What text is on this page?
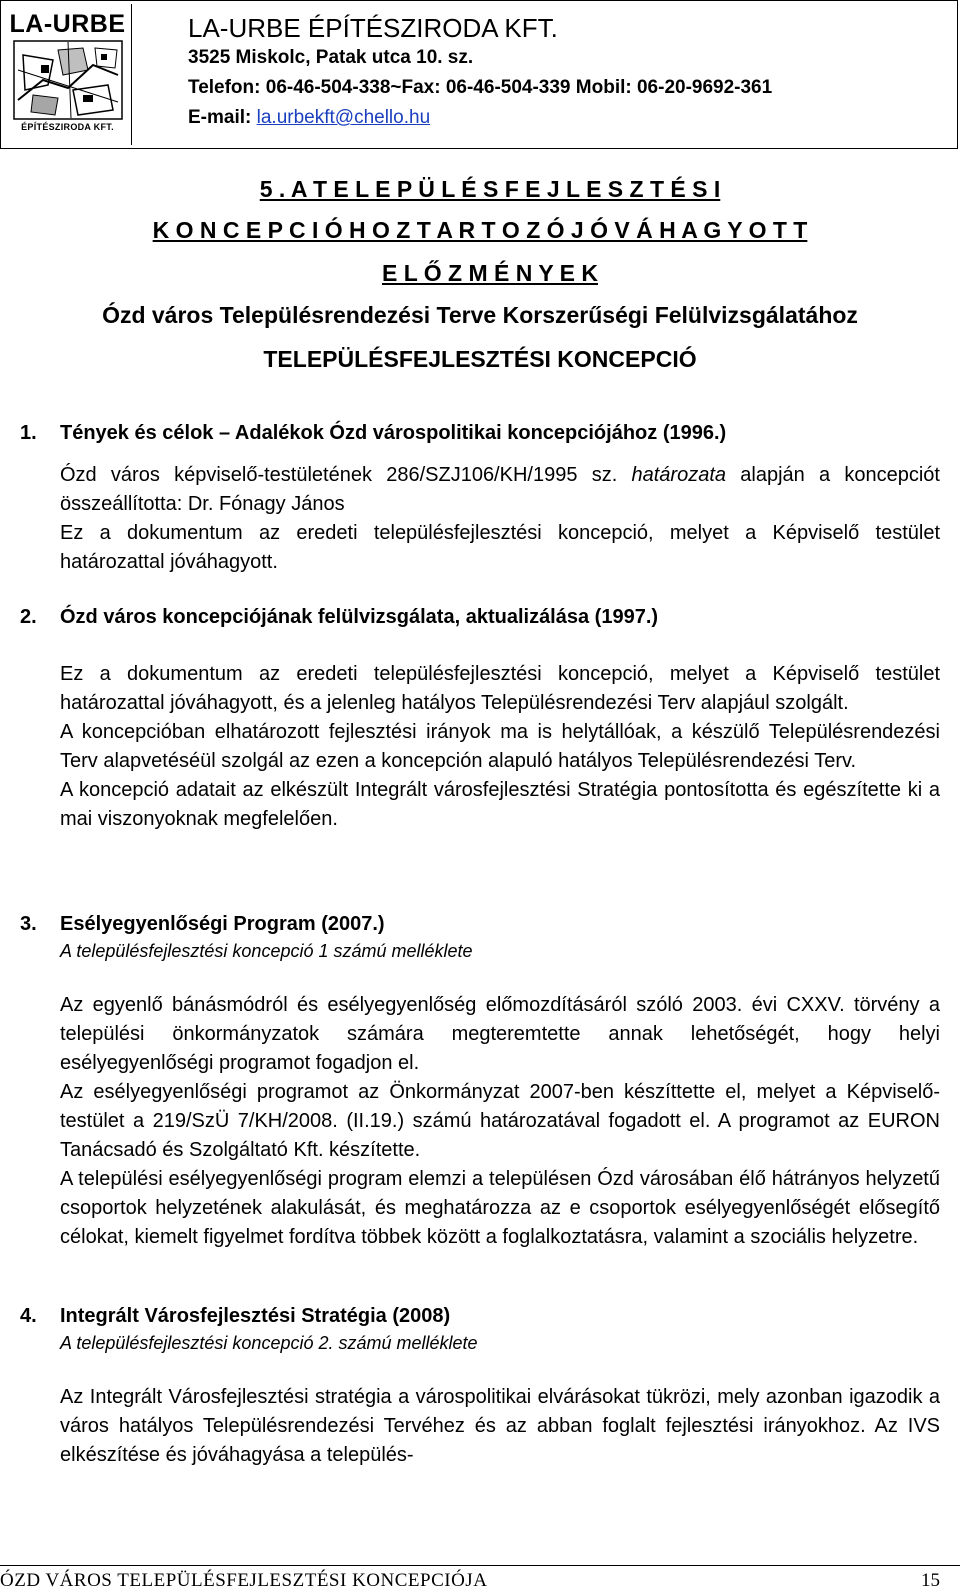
LA-URBE
ÉPÍTÉSZIRODA KFT.
LA-URBE ÉPÍTÉSZIRODA KFT.
3525 Miskolc, Patak utca 10. sz.
Telefon: 06-46-504-338~Fax: 06-46-504-339 Mobil: 06-20-9692-361
E-mail: la.urbekft@chello.hu
5 . A T E L E P Ü L É S F E J L E S Z T É S I
K O N C E P C I Ó H O Z T A R T O Z Ó J Ó V Á H A G Y O T T
E L Ő Z M É N Y E K
Ózd város Településrendezési Terve Korszerűségi Felülvizsgálatához
TELEPÜLÉSFEJLESZTÉSI KONCEPCIÓ
1. Tények és célok – Adalékok Ózd várospolitikai koncepciójához (1996.)

Ózd város képviselő-testületének 286/SZJ106/KH/1995 sz. határozata alapján a koncepciót összeállította: Dr. Fónagy János

Ez a dokumentum az eredeti településfejlesztési koncepció, melyet a Képviselő testület határozattal jóváhagyott.

2. Ózd város koncepciójának felülvizsgálata, aktualizálása (1997.)

Ez a dokumentum az eredeti településfejlesztési koncepció, melyet a Képviselő testület határozattal jóváhagyott, és a jelenleg hatályos Településrendezési Terv alapjául szolgált.

A koncepcióban elhatározott fejlesztési irányok ma is helytállóak, a készülő Településrendezési Terv alapvetéséül szolgál az ezen a koncepción alapuló hatályos Településrendezési Terv.

A koncepció adatait az elkészült Integrált városfejlesztési Stratégia pontosította és egészítette ki a mai viszonyoknak megfelelően.

3. Esélyegyenlőségi Program (2007.)
A településfejlesztési koncepció 1 számú melléklete

Az egyenlő bánásmódról és esélyegyenlőség előmozdításáról szóló 2003. évi CXXV. törvény a települési önkormányzatok számára megteremtette annak lehetőségét, hogy helyi esélyegyenlőségi programot fogadjon el.

Az esélyegyenlőségi programot az Önkormányzat 2007-ben készíttette el, melyet a Képviselő-testület a 219/SzÜ 7/KH/2008. (II.19.) számú határozatával fogadott el. A programot az EURON Tanácsadó és Szolgáltató Kft. készítette.

A települési esélyegyenlőségi program elemzi a településen Ózd városában élő hátrányos helyzetű csoportok helyzetének alakulását, és meghatározza az e csoportok esélyegyenlőségét elősegítő célokat, kiemelt figyelmet fordítva többek között a foglalkoztatásra, valamint a szociális helyzetre.

4. Integrált Városfejlesztési Stratégia (2008)
A településfejlesztési koncepció 2. számú melléklete

Az Integrált Városfejlesztési stratégia a várospolitikai elvárásokat tükrözi, mely azonban igazodik a város hatályos Településrendezési Tervéhez és az abban foglalt fejlesztési irányokhoz. Az IVS elkészítése és jóváhagyása a település-

ÓZD VÁROS TELEPÜLÉSFEJLESZTÉSI KONCEPCIÓJA	15
